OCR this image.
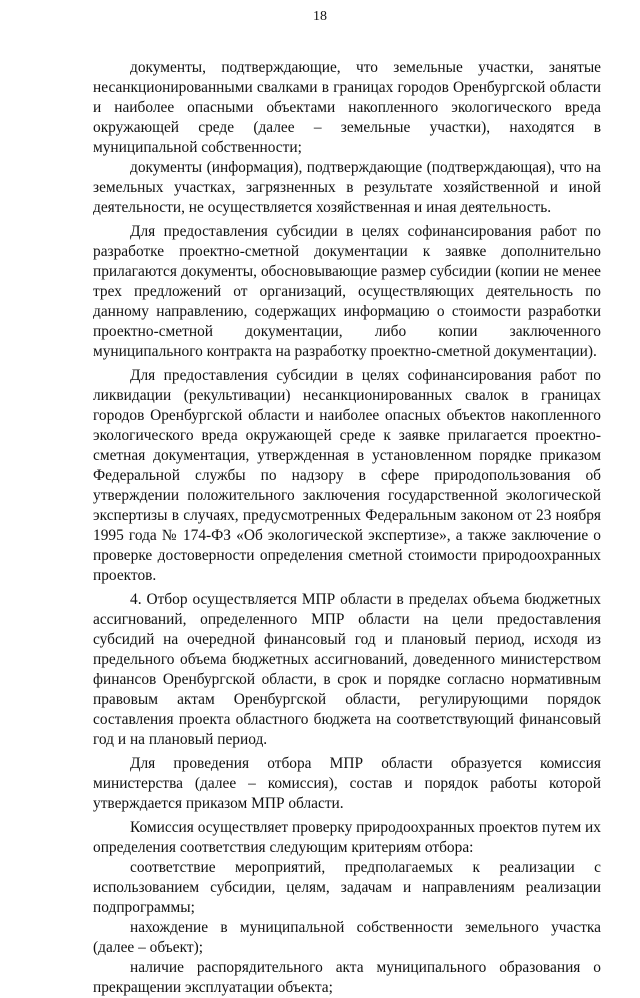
18

документы, подтверждающие, что земельные участки, занятые несанкционированными свалками в границах городов Оренбургской области и наиболее опасными объектами накопленного экологического вреда окружающей среде (далее – земельные участки), находятся в муниципальной собственности;

документы (информация), подтверждающие (подтверждающая), что на земельных участках, загрязненных в результате хозяйственной и иной деятельности, не осуществляется хозяйственная и иная деятельность.

Для предоставления субсидии в целях софинансирования работ по разработке проектно-сметной документации к заявке дополнительно прилагаются документы, обосновывающие размер субсидии (копии не менее трех предложений от организаций, осуществляющих деятельность по данному направлению, содержащих информацию о стоимости разработки проектно-сметной документации, либо копии заключенного муниципального контракта на разработку проектно-сметной документации).

Для предоставления субсидии в целях софинансирования работ по ликвидации (рекультивации) несанкционированных свалок в границах городов Оренбургской области и наиболее опасных объектов накопленного экологического вреда окружающей среде к заявке прилагается проектно-сметная документация, утвержденная в установленном порядке приказом Федеральной службы по надзору в сфере природопользования об утверждении положительного заключения государственной экологической экспертизы в случаях, предусмотренных Федеральным законом от 23 ноября 1995 года № 174-ФЗ «Об экологической экспертизе», а также заключение о проверке достоверности определения сметной стоимости природоохранных проектов.

4. Отбор осуществляется МПР области в пределах объема бюджетных ассигнований, определенного МПР области на цели предоставления субсидий на очередной финансовый год и плановый период, исходя из предельного объема бюджетных ассигнований, доведенного министерством финансов Оренбургской области, в срок и порядке согласно нормативным правовым актам Оренбургской области, регулирующими порядок составления проекта областного бюджета на соответствующий финансовый год и на плановый период.

Для проведения отбора МПР области образуется комиссия министерства (далее – комиссия), состав и порядок работы которой утверждается приказом МПР области.

Комиссия осуществляет проверку природоохранных проектов путем их определения соответствия следующим критериям отбора:

соответствие мероприятий, предполагаемых к реализации с использованием субсидии, целям, задачам и направлениям реализации подпрограммы;

нахождение в муниципальной собственности земельного участка (далее – объект);

наличие распорядительного акта муниципального образования о прекращении эксплуатации объекта;
